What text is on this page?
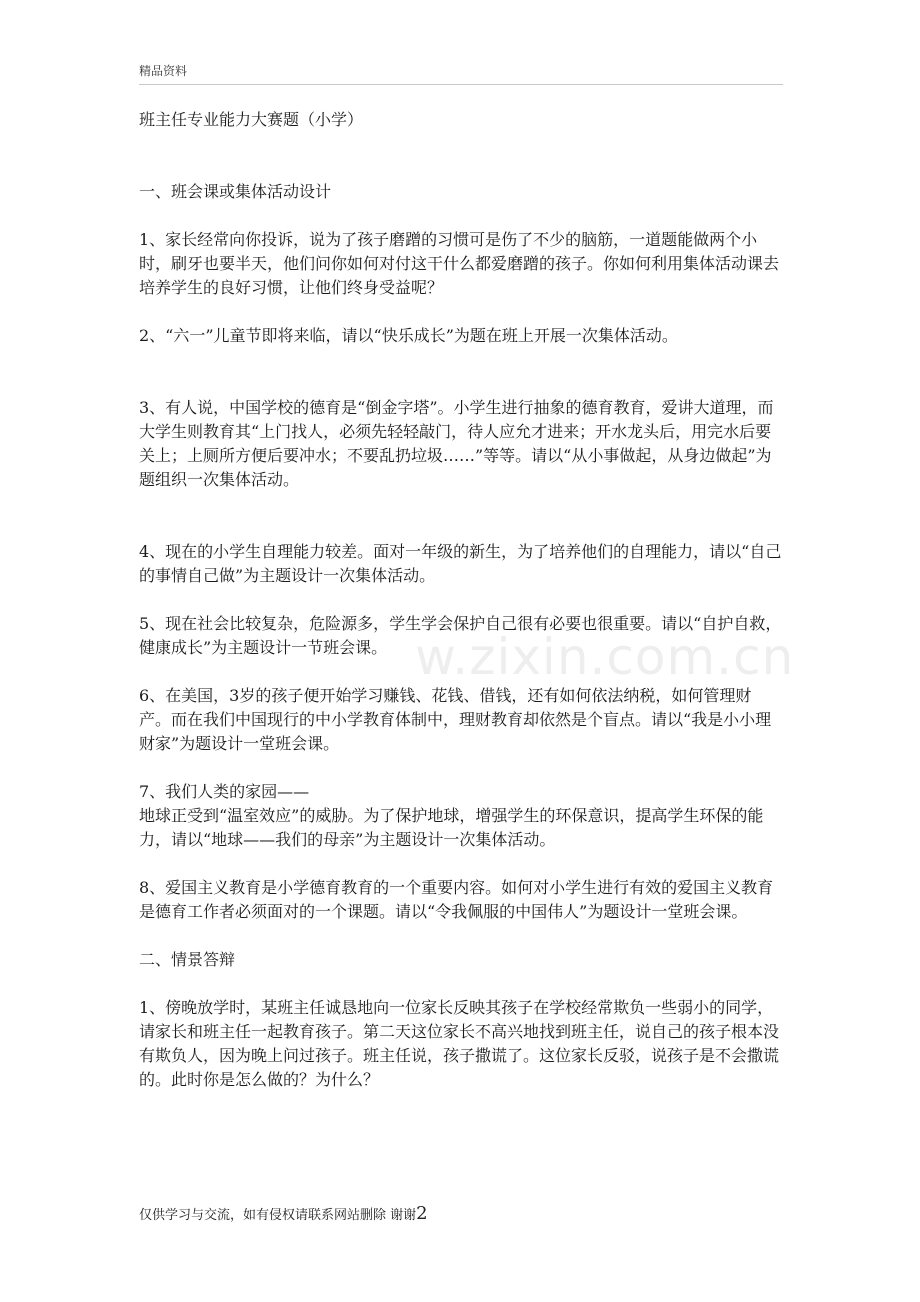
精品资料
w.zixin.com.cn

班主任专业能力大赛题（小学）

一、班会课或集体活动设计

1、家长经常向你投诉，说为了孩子磨蹭的习惯可是伤了不少的脑筋，一道题能做两个小时，刷牙也要半天，他们问你如何对付这干什么都爱磨蹭的孩子。你如何利用集体活动课去培养学生的良好习惯，让他们终身受益呢？

2、“六一”儿童节即将来临，请以“快乐成长”为题在班上开展一次集体活动。

3、有人说，中国学校的德育是“倒金字塔”。小学生进行抽象的德育教育，爱讲大道理，而大学生则教育其“上门找人，必须先轻轻敲门，待人应允才进来；开水龙头后，用完水后要关上；上厕所方便后要冲水；不要乱扔垃圾……”等等。请以“从小事做起，从身边做起”为题组织一次集体活动。

4、现在的小学生自理能力较差。面对一年级的新生，为了培养他们的自理能力，请以“自己的事情自己做”为主题设计一次集体活动。

5、现在社会比较复杂，危险源多，学生学会保护自己很有必要也很重要。请以“自护自救，健康成长”为主题设计一节班会课。

6、在美国，3岁的孩子便开始学习赚钱、花钱、借钱，还有如何依法纳税，如何管理财产。而在我们中国现行的中小学教育体制中，理财教育却依然是个盲点。请以“我是小小理财家”为题设计一堂班会课。

7、我们人类的家园——

地球正受到“温室效应”的威胁。为了保护地球，增强学生的环保意识，提高学生环保的能力，请以“地球——我们的母亲”为主题设计一次集体活动。

8、爱国主义教育是小学德育教育的一个重要内容。如何对小学生进行有效的爱国主义教育是德育工作者必须面对的一个课题。请以“令我佩服的中国伟人”为题设计一堂班会课。

二、情景答辩

1、傍晚放学时，某班主任诚恳地向一位家长反映其孩子在学校经常欺负一些弱小的同学，请家长和班主任一起教育孩子。第二天这位家长不高兴地找到班主任，说自己的孩子根本没有欺负人，因为晚上问过孩子。班主任说，孩子撒谎了。这位家长反驳，说孩子是不会撒谎的。此时你是怎么做的？为什么？

仅供学习与交流，如有侵权请联系网站删除 谢谢2
